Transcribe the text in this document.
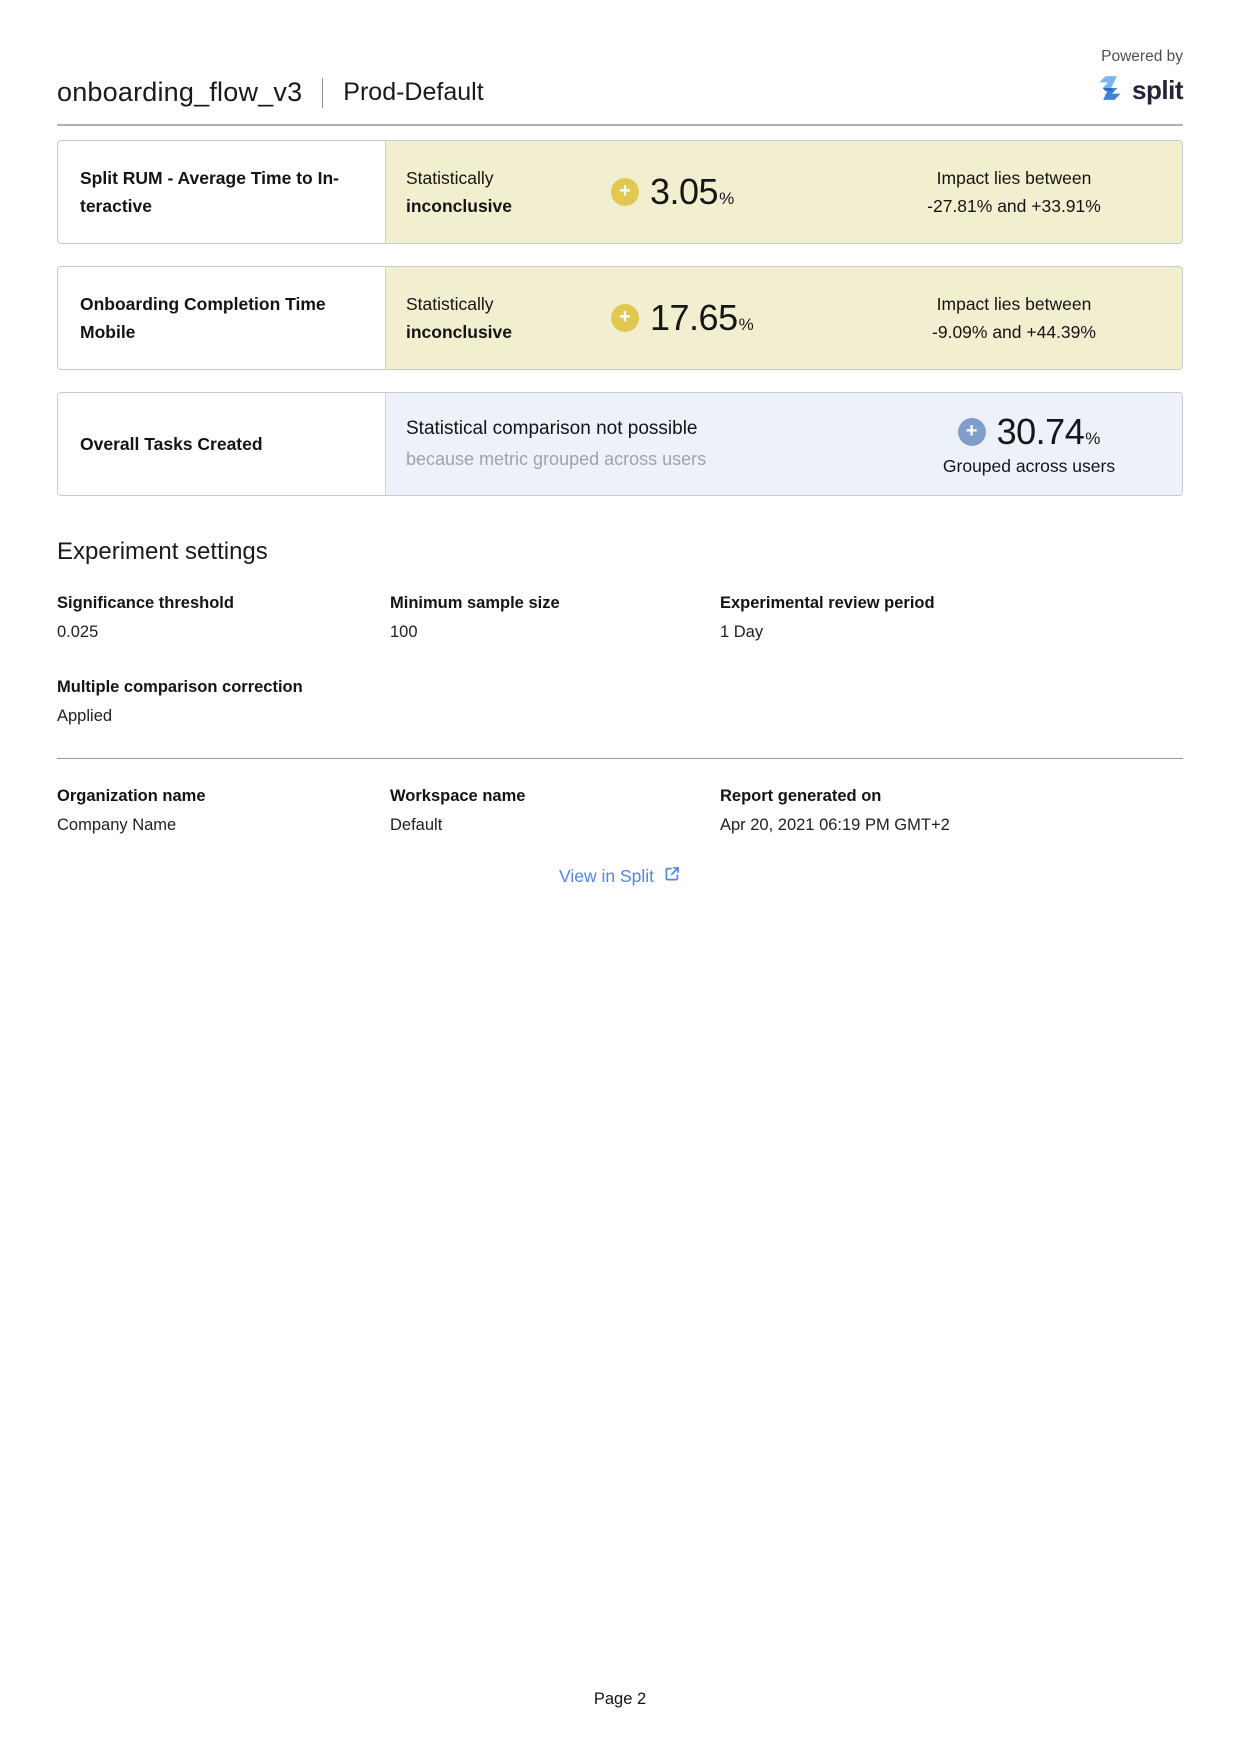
onboarding_flow_v3 Prod-Default
Powered by
split
Split RUM - Average Time to Interactive
Statistically
inconclusive
+ 3.05 %
Impact lies between
-27.81% and +33.91%
Onboarding Completion Time Mobile
Statistically
inconclusive
+ 17.65 %
Impact lies between
-9.09% and +44.39%
Overall Tasks Created
Statistical comparison not possible
because metric grouped across users
+ 30.74 %
Grouped across users
Experiment settings
Significance threshold
0.025
Minimum sample size
100
Experimental review period
1 Day
Multiple comparison correction
Applied
Organization name
Company Name
Workspace name
Default
Report generated on
Apr 20, 2021 06:19 PM GMT+2
View in Split
Page 2
